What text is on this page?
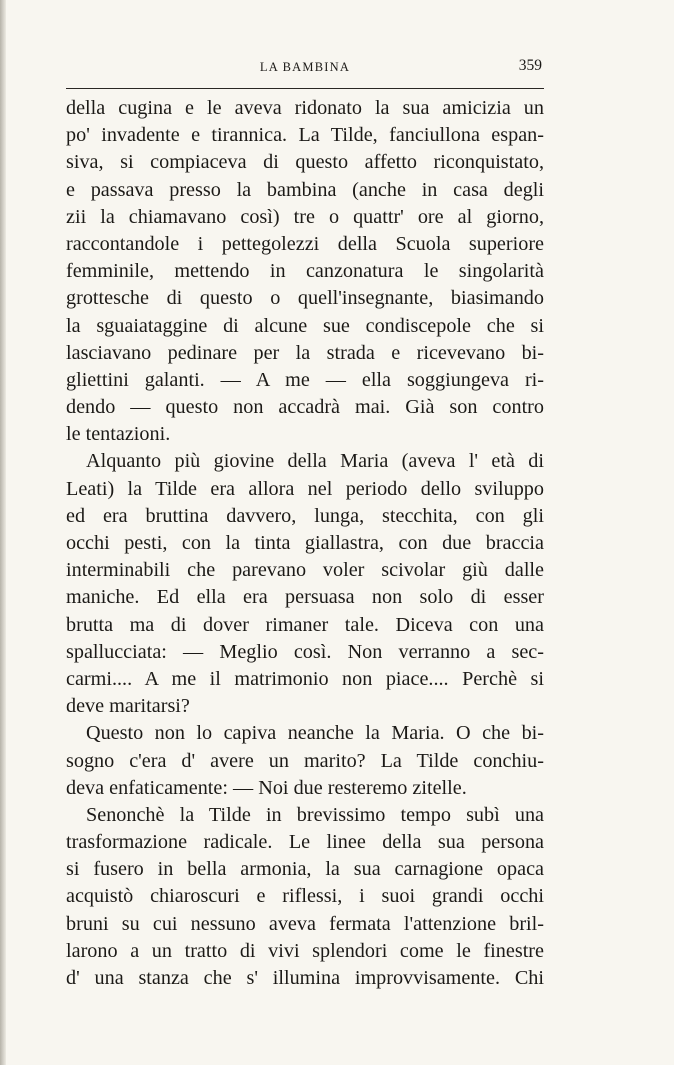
LA BAMBINA	359
della cugina e le aveva ridonato la sua amicizia un
po' invadente e tirannica. La Tilde, fanciullona espan-
siva, si compiaceva di questo affetto riconquistato,
e passava presso la bambina (anche in casa degli
zii la chiamavano così) tre o quattr' ore al giorno,
raccontandole i pettegolezzi della Scuola superiore
femminile, mettendo in canzonatura le singolarità
grottesche di questo o quell'insegnante, biasimando
la sguaiataggine di alcune sue condiscepole che si
lasciavano pedinare per la strada e ricevevano bi-
gliettini galanti. — A me — ella soggiungeva ri-
dendo — questo non accadrà mai. Già son contro
le tentazioni.
Alquanto più giovine della Maria (aveva l' età di
Leati) la Tilde era allora nel periodo dello sviluppo
ed era bruttina davvero, lunga, stecchita, con gli
occhi pesti, con la tinta giallastra, con due braccia
interminabili che parevano voler scivolar giù dalle
maniche. Ed ella era persuasa non solo di esser
brutta ma di dover rimaner tale. Diceva con una
spallucciata: — Meglio così. Non verranno a sec-
carmi.... A me il matrimonio non piace.... Perchè si
deve maritarsi?
Questo non lo capiva neanche la Maria. O che bi-
sogno c'era d' avere un marito? La Tilde conchiu-
deva enfaticamente: — Noi due resteremo zitelle.
Senonchè la Tilde in brevissimo tempo subì una
trasformazione radicale. Le linee della sua persona
si fusero in bella armonia, la sua carnagione opaca
acquistò chiaroscuri e riflessi, i suoi grandi occhi
bruni su cui nessuno aveva fermata l'attenzione bril-
larono a un tratto di vivi splendori come le finestre
d' una stanza che s' illumina improvvisamente. Chi
